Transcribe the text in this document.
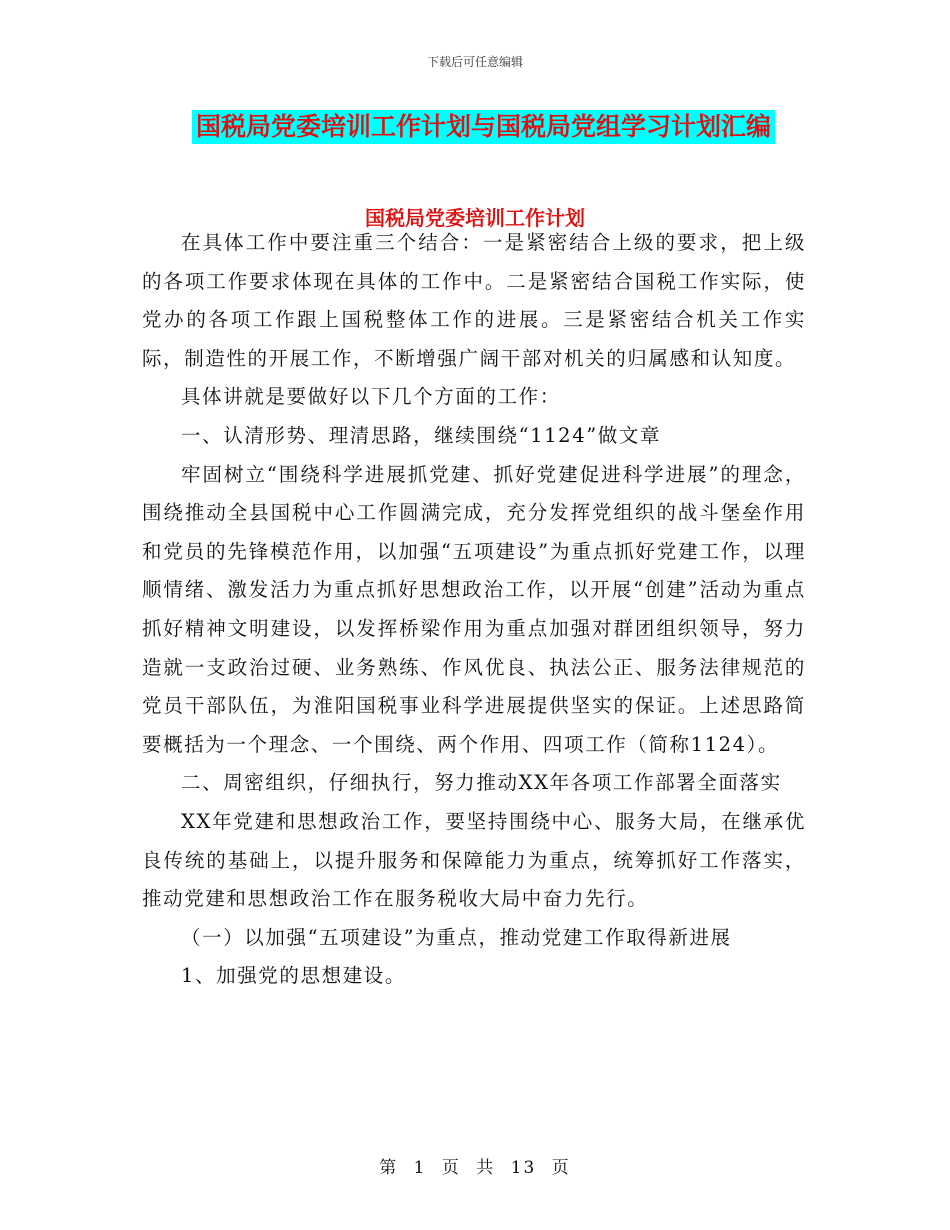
下载后可任意编辑
国税局党委培训工作计划与国税局党组学习计划汇编
国税局党委培训工作计划

在具体工作中要注重三个结合：一是紧密结合上级的要求，把上级的各项工作要求体现在具体的工作中。二是紧密结合国税工作实际，使党办的各项工作跟上国税整体工作的进展。三是紧密结合机关工作实际，制造性的开展工作，不断增强广阔干部对机关的归属感和认知度。

具体讲就是要做好以下几个方面的工作：

一、认清形势、理清思路，继续围绕“1124”做文章

牢固树立“围绕科学进展抓党建、抓好党建促进科学进展”的理念，围绕推动全县国税中心工作圆满完成，充分发挥党组织的战斗堡垒作用和党员的先锋模范作用，以加强“五项建设”为重点抓好党建工作，以理顺情绪、激发活力为重点抓好思想政治工作，以开展“创建”活动为重点抓好精神文明建设，以发挥桥梁作用为重点加强对群团组织领导，努力造就一支政治过硬、业务熟练、作风优良、执法公正、服务法律规范的党员干部队伍，为淮阳国税事业科学进展提供坚实的保证。上述思路简要概括为一个理念、一个围绕、两个作用、四项工作（简称1124）。

二、周密组织，仔细执行，努力推动XX年各项工作部署全面落实

XX年党建和思想政治工作，要坚持围绕中心、服务大局，在继承优良传统的基础上，以提升服务和保障能力为重点，统筹抓好工作落实，推动党建和思想政治工作在服务税收大局中奋力先行。

（一）以加强“五项建设”为重点，推动党建工作取得新进展

1、加强党的思想建设。

第 1 页 共 13 页
